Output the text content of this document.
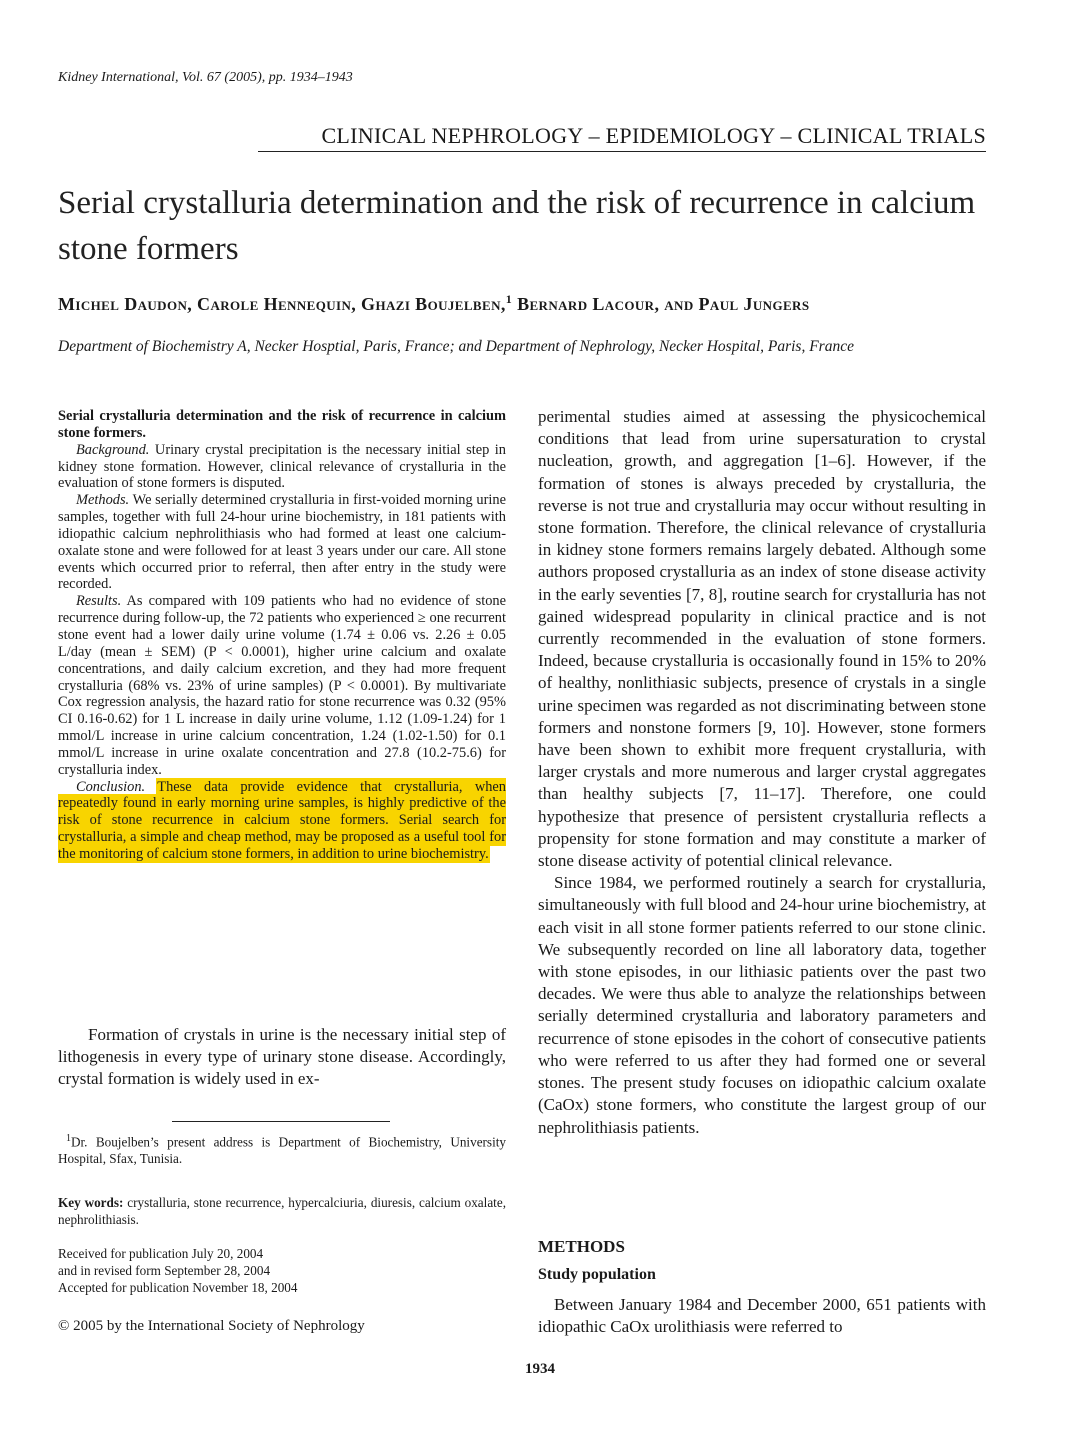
Kidney International, Vol. 67 (2005), pp. 1934–1943
CLINICAL NEPHROLOGY – EPIDEMIOLOGY – CLINICAL TRIALS
Serial crystalluria determination and the risk of recurrence in calcium stone formers
Michel Daudon, Carole Hennequin, Ghazi Boujelben,$^1$ Bernard Lacour, and Paul Jungers
Department of Biochemistry A, Necker Hosptial, Paris, France; and Department of Nephrology, Necker Hospital, Paris, France

Serial crystalluria determination and the risk of recurrence in calcium stone formers.

Background. Urinary crystal precipitation is the necessary initial step in kidney stone formation. However, clinical relevance of crystalluria in the evaluation of stone formers is disputed.

Methods. We serially determined crystalluria in first-voided morning urine samples, together with full 24-hour urine biochemistry, in 181 patients with idiopathic calcium nephrolithiasis who had formed at least one calcium-oxalate stone and were followed for at least 3 years under our care. All stone events which occurred prior to referral, then after entry in the study were recorded.

Results. As compared with 109 patients who had no evidence of stone recurrence during follow-up, the 72 patients who experienced ≥ one recurrent stone event had a lower daily urine volume (1.74 ± 0.06 vs. 2.26 ± 0.05 L/day (mean ± SEM) (P < 0.0001), higher urine calcium and oxalate concentrations, and daily calcium excretion, and they had more frequent crystalluria (68% vs. 23% of urine samples) (P < 0.0001). By multivariate Cox regression analysis, the hazard ratio for stone recurrence was 0.32 (95% CI 0.16-0.62) for 1 L increase in daily urine volume, 1.12 (1.09-1.24) for 1 mmol/L increase in urine calcium concentration, 1.24 (1.02-1.50) for 0.1 mmol/L increase in urine oxalate concentration and 27.8 (10.2-75.6) for crystalluria index.

Conclusion. These data provide evidence that crystalluria, when repeatedly found in early morning urine samples, is highly predictive of the risk of stone recurrence in calcium stone formers. Serial search for crystalluria, a simple and cheap method, may be proposed as a useful tool for the monitoring of calcium stone formers, in addition to urine biochemistry.

Formation of crystals in urine is the necessary initial step of lithogenesis in every type of urinary stone disease. Accordingly, crystal formation is widely used in ex-
$^1$Dr. Boujelben’s present address is Department of Biochemistry, University Hospital, Sfax, Tunisia.
Key words: crystalluria, stone recurrence, hypercalciuria, diuresis, calcium oxalate, nephrolithiasis.
Received for publication July 20, 2004
and in revised form September 28, 2004
Accepted for publication November 18, 2004
© 2005 by the International Society of Nephrology

perimental studies aimed at assessing the physicochemical conditions that lead from urine supersaturation to crystal nucleation, growth, and aggregation [1–6]. However, if the formation of stones is always preceded by crystalluria, the reverse is not true and crystalluria may occur without resulting in stone formation. Therefore, the clinical relevance of crystalluria in kidney stone formers remains largely debated. Although some authors proposed crystalluria as an index of stone disease activity in the early seventies [7, 8], routine search for crystalluria has not gained widespread popularity in clinical practice and is not currently recommended in the evaluation of stone formers. Indeed, because crystalluria is occasionally found in 15% to 20% of healthy, nonlithiasic subjects, presence of crystals in a single urine specimen was regarded as not discriminating between stone formers and nonstone formers [9, 10]. However, stone formers have been shown to exhibit more frequent crystalluria, with larger crystals and more numerous and larger crystal aggregates than healthy subjects [7, 11–17]. Therefore, one could hypothesize that presence of persistent crystalluria reflects a propensity for stone formation and may constitute a marker of stone disease activity of potential clinical relevance.

Since 1984, we performed routinely a search for crystalluria, simultaneously with full blood and 24-hour urine biochemistry, at each visit in all stone former patients referred to our stone clinic. We subsequently recorded on line all laboratory data, together with stone episodes, in our lithiasic patients over the past two decades. We were thus able to analyze the relationships between serially determined crystalluria and laboratory parameters and recurrence of stone episodes in the cohort of consecutive patients who were referred to us after they had formed one or several stones. The present study focuses on idiopathic calcium oxalate (CaOx) stone formers, who constitute the largest group of our nephrolithiasis patients.

METHODS
Study population
Between January 1984 and December 2000, 651 patients with idiopathic CaOx urolithiasis were referred to
1934
